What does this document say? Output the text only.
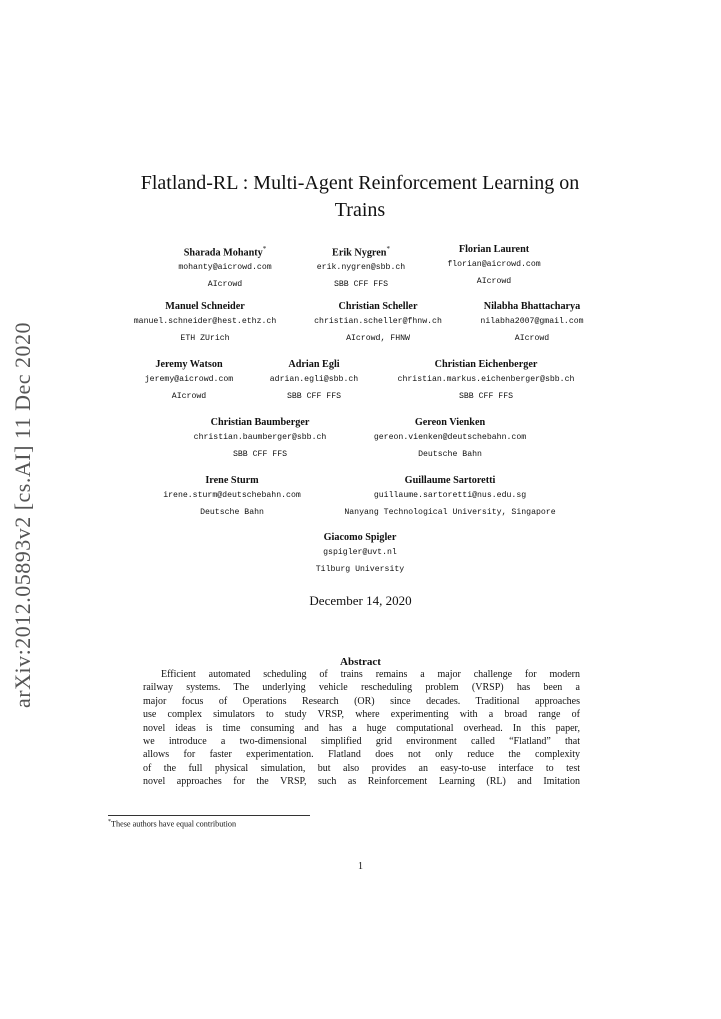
arXiv:2012.05893v2 [cs.AI] 11 Dec 2020
Flatland-RL : Multi-Agent Reinforcement Learning on
Trains
Sharada Mohanty*
mohanty@aicrowd.com
AIcrowd
Erik Nygren*
erik.nygren@sbb.ch
SBB CFF FFS
Florian Laurent
florian@aicrowd.com
AIcrowd
Manuel Schneider
manuel.schneider@hest.ethz.ch
ETH ZUrich
Christian Scheller
christian.scheller@fhnw.ch
AIcrowd, FHNW
Nilabha Bhattacharya
nilabha2007@gmail.com
AIcrowd
Jeremy Watson
jeremy@aicrowd.com
AIcrowd
Adrian Egli
adrian.egli@sbb.ch
SBB CFF FFS
Christian Eichenberger
christian.markus.eichenberger@sbb.ch
SBB CFF FFS
Christian Baumberger
christian.baumberger@sbb.ch
SBB CFF FFS
Gereon Vienken
gereon.vienken@deutschebahn.com
Deutsche Bahn
Irene Sturm
irene.sturm@deutschebahn.com
Deutsche Bahn
Guillaume Sartoretti
guillaume.sartoretti@nus.edu.sg
Nanyang Technological University, Singapore
Giacomo Spigler
gspigler@uvt.nl
Tilburg University
December 14, 2020
Abstract
Efficient automated scheduling of trains remains a major challenge for modern
railway systems. The underlying vehicle rescheduling problem (VRSP) has been a
major focus of Operations Research (OR) since decades. Traditional approaches
use complex simulators to study VRSP, where experimenting with a broad range of
novel ideas is time consuming and has a huge computational overhead. In this paper,
we introduce a two-dimensional simplified grid environment called “Flatland” that
allows for faster experimentation. Flatland does not only reduce the complexity
of the full physical simulation, but also provides an easy-to-use interface to test
novel approaches for the VRSP, such as Reinforcement Learning (RL) and Imitation
*These authors have equal contribution
1
